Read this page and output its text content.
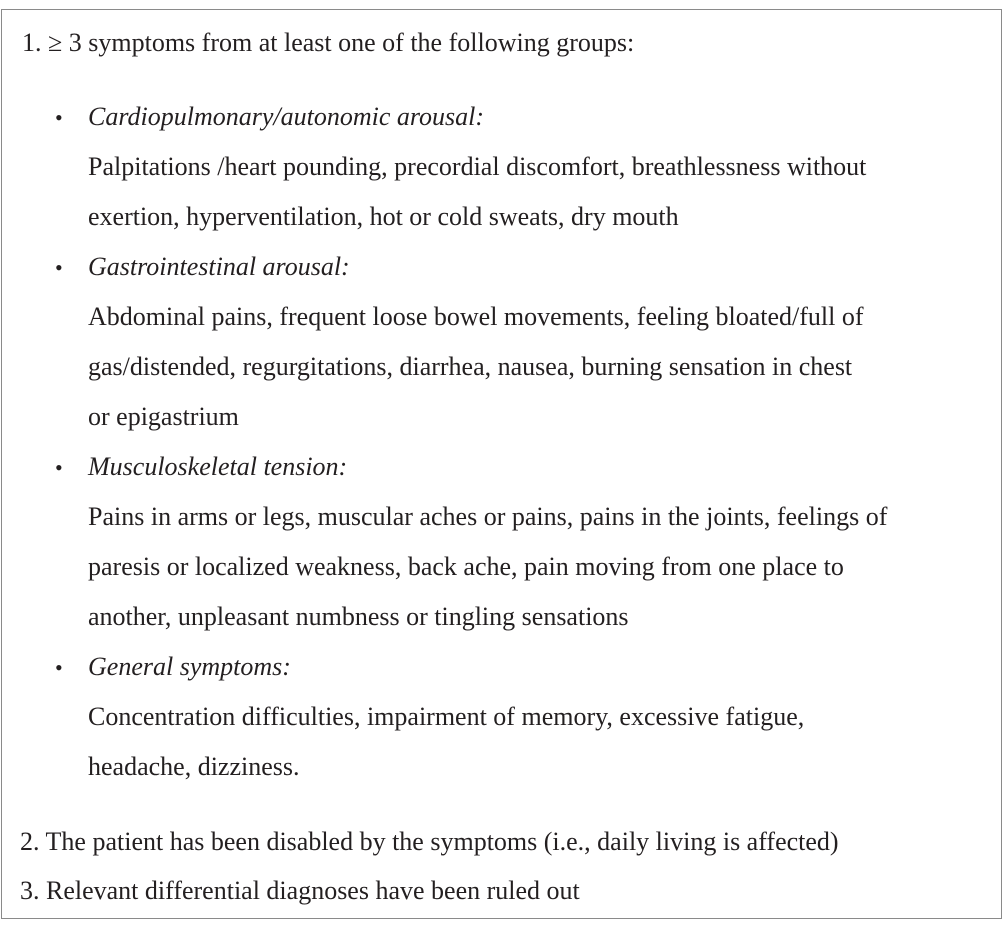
1. ≥ 3 symptoms from at least one of the following groups:
• Cardiopulmonary/autonomic arousal:
Palpitations /heart pounding, precordial discomfort, breathlessness without
exertion, hyperventilation, hot or cold sweats, dry mouth
• Gastrointestinal arousal:
Abdominal pains, frequent loose bowel movements, feeling bloated/full of
gas/distended, regurgitations, diarrhea, nausea, burning sensation in chest
or epigastrium
• Musculoskeletal tension:
Pains in arms or legs, muscular aches or pains, pains in the joints, feelings of
paresis or localized weakness, back ache, pain moving from one place to
another, unpleasant numbness or tingling sensations
• General symptoms:
Concentration difficulties, impairment of memory, excessive fatigue,
headache, dizziness.
2. The patient has been disabled by the symptoms (i.e., daily living is affected)
3. Relevant differential diagnoses have been ruled out
